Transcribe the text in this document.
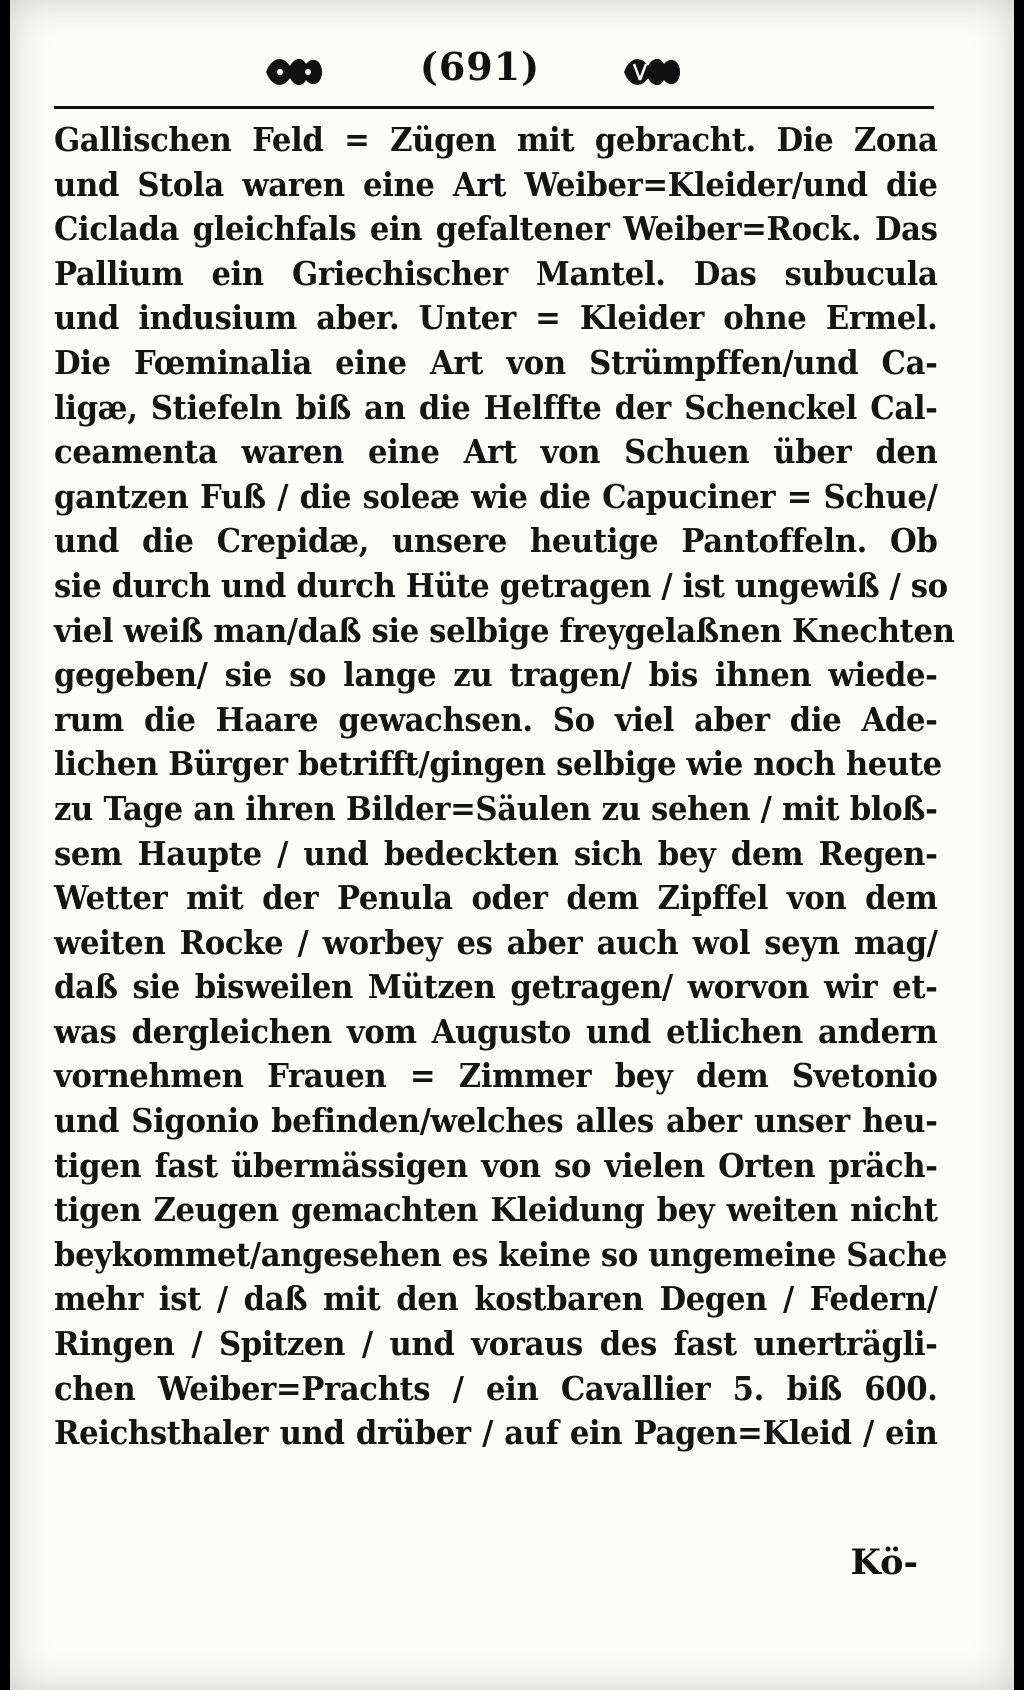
(691)
Gallischen Feld = Zügen mit gebracht. Die Zona
und Stola waren eine Art Weiber=Kleider/und die
Ciclada gleichfals ein gefaltener Weiber=Rock. Das
Pallium ein Griechischer Mantel. Das subucula
und indusium aber. Unter = Kleider ohne Ermel.
Die Fœminalia eine Art von Strümpffen/und Ca-
ligæ, Stiefeln biß an die Helffte der Schenckel Cal-
ceamenta waren eine Art von Schuen über den
gantzen Fuß / die soleæ wie die Capuciner = Schue/
und die Crepidæ, unsere heutige Pantoffeln. Ob
sie durch und durch Hüte getragen / ist ungewiß / so
viel weiß man/daß sie selbige freygelaßnen Knechten
gegeben/ sie so lange zu tragen/ bis ihnen wiede-
rum die Haare gewachsen. So viel aber die Ade-
lichen Bürger betrifft/gingen selbige wie noch heute
zu Tage an ihren Bilder=Säulen zu sehen / mit bloß-
sem Haupte / und bedeckten sich bey dem Regen-
Wetter mit der Penula oder dem Zipffel von dem
weiten Rocke / worbey es aber auch wol seyn mag/
daß sie bisweilen Mützen getragen/ worvon wir et-
was dergleichen vom Augusto und etlichen andern
vornehmen Frauen = Zimmer bey dem Svetonio
und Sigonio befinden/welches alles aber unser heu-
tigen fast übermässigen von so vielen Orten präch-
tigen Zeugen gemachten Kleidung bey weiten nicht
beykommet/angesehen es keine so ungemeine Sache
mehr ist / daß mit den kostbaren Degen / Federn/
Ringen / Spitzen / und voraus des fast unerträgli-
chen Weiber=Prachts / ein Cavallier 5. biß 600.
Reichsthaler und drüber / auf ein Pagen=Kleid / ein
Kö-
